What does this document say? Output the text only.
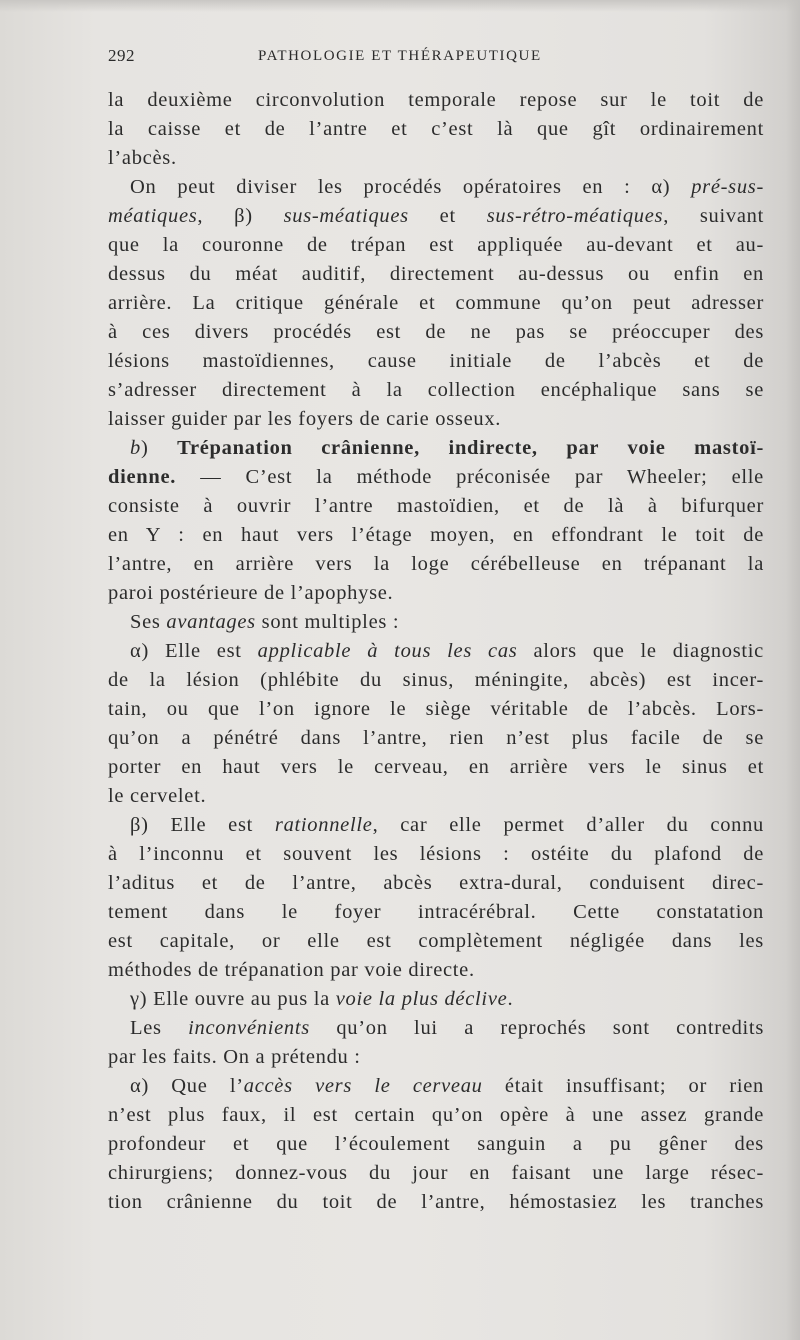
292	PATHOLOGIE ET THÉRAPEUTIQUE
la deuxième circonvolution temporale repose sur le toit de
la caisse et de l’antre et c’est là que gît ordinairement
l’abcès.
On peut diviser les procédés opératoires en : α) pré-sus-
méatiques, β) sus-méatiques et sus-rétro-méatiques, suivant
que la couronne de trépan est appliquée au-devant et au-
dessus du méat auditif, directement au-dessus ou enfin en
arrière. La critique générale et commune qu’on peut adresser
à ces divers procédés est de ne pas se préoccuper des
lésions mastoïdiennes, cause initiale de l’abcès et de
s’adresser directement à la collection encéphalique sans se
laisser guider par les foyers de carie osseux.
b) Trépanation crânienne, indirecte, par voie mastoï-
dienne. — C’est la méthode préconisée par Wheeler; elle
consiste à ouvrir l’antre mastoïdien, et de là à bifurquer
en Y : en haut vers l’étage moyen, en effondrant le toit de
l’antre, en arrière vers la loge cérébelleuse en trépanant la
paroi postérieure de l’apophyse.
Ses avantages sont multiples :
α) Elle est applicable à tous les cas alors que le diagnostic
de la lésion (phlébite du sinus, méningite, abcès) est incer-
tain, ou que l’on ignore le siège véritable de l’abcès. Lors-
qu’on a pénétré dans l’antre, rien n’est plus facile de se
porter en haut vers le cerveau, en arrière vers le sinus et
le cervelet.
β) Elle est rationnelle, car elle permet d’aller du connu
à l’inconnu et souvent les lésions : ostéite du plafond de
l’aditus et de l’antre, abcès extra-dural, conduisent direc-
tement dans le foyer intracérébral. Cette constatation
est capitale, or elle est complètement négligée dans les
méthodes de trépanation par voie directe.
γ) Elle ouvre au pus la voie la plus déclive.
Les inconvénients qu’on lui a reprochés sont contredits
par les faits. On a prétendu :
α) Que l’accès vers le cerveau était insuffisant; or rien
n’est plus faux, il est certain qu’on opère à une assez grande
profondeur et que l’écoulement sanguin a pu gêner des
chirurgiens; donnez-vous du jour en faisant une large résec-
tion crânienne du toit de l’antre, hémostasiez les tranches
